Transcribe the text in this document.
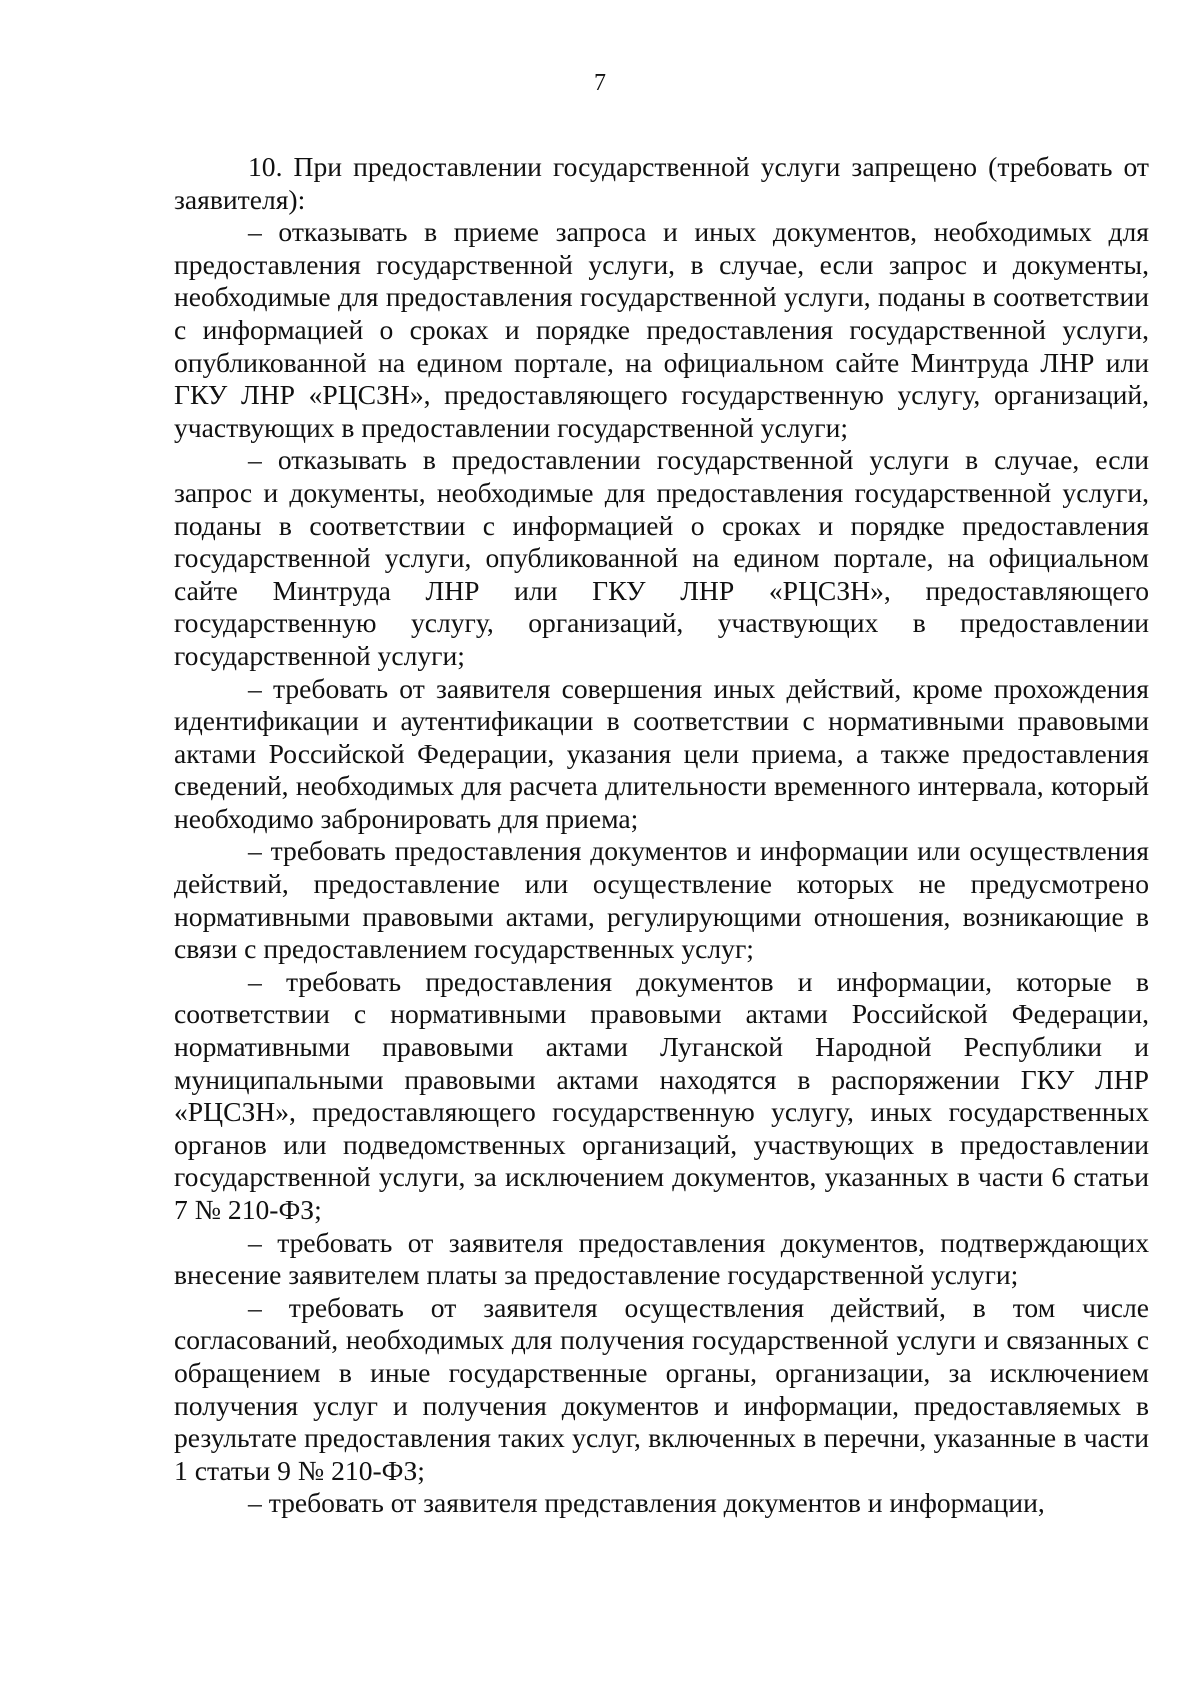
7

10. При предоставлении государственной услуги запрещено (требовать от заявителя):

– отказывать в приеме запроса и иных документов, необходимых для предоставления государственной услуги, в случае, если запрос и документы, необходимые для предоставления государственной услуги, поданы в соответствии с информацией о сроках и порядке предоставления государственной услуги, опубликованной на едином портале, на официальном сайте Минтруда ЛНР или ГКУ ЛНР «РЦСЗН», предоставляющего государственную услугу, организаций, участвующих в предоставлении государственной услуги;

– отказывать в предоставлении государственной услуги в случае, если запрос и документы, необходимые для предоставления государственной услуги, поданы в соответствии с информацией о сроках и порядке предоставления государственной услуги, опубликованной на едином портале, на официальном сайте Минтруда ЛНР или ГКУ ЛНР «РЦСЗН», предоставляющего государственную услугу, организаций, участвующих в предоставлении государственной услуги;

– требовать от заявителя совершения иных действий, кроме прохождения идентификации и аутентификации в соответствии с нормативными правовыми актами Российской Федерации, указания цели приема, а также предоставления сведений, необходимых для расчета длительности временного интервала, который необходимо забронировать для приема;

– требовать предоставления документов и информации или осуществления действий, предоставление или осуществление которых не предусмотрено нормативными правовыми актами, регулирующими отношения, возникающие в связи с предоставлением государственных услуг;

– требовать предоставления документов и информации, которые в соответствии с нормативными правовыми актами Российской Федерации, нормативными правовыми актами Луганской Народной Республики и муниципальными правовыми актами находятся в распоряжении ГКУ ЛНР «РЦСЗН», предоставляющего государственную услугу, иных государственных органов или подведомственных организаций, участвующих в предоставлении государственной услуги, за исключением документов, указанных в части 6 статьи 7 № 210-ФЗ;

– требовать от заявителя предоставления документов, подтверждающих внесение заявителем платы за предоставление государственной услуги;

– требовать от заявителя осуществления действий, в том числе согласований, необходимых для получения государственной услуги и связанных с обращением в иные государственные органы, организации, за исключением получения услуг и получения документов и информации, предоставляемых в результате предоставления таких услуг, включенных в перечни, указанные в части 1 статьи 9 № 210-ФЗ;

– требовать от заявителя представления документов и информации,
